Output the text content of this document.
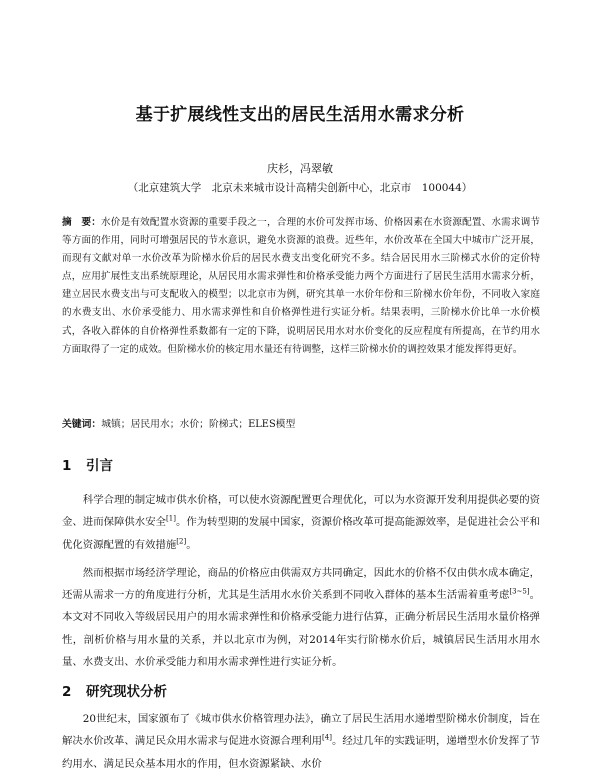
基于扩展线性支出的居民生活用水需求分析
庆杉，冯翠敏
（北京建筑大学　北京未来城市设计高精尖创新中心，北京市　100044）
摘　要：水价是有效配置水资源的重要手段之一，合理的水价可发挥市场、价格因素在水资源配置、水需求调节等方面的作用，同时可增强居民的节水意识，避免水资源的浪费。近些年，水价改革在全国大中城市广泛开展，而现有文献对单一水价改革为阶梯水价后的居民水费支出变化研究不多。结合居民用水三阶梯式水价的定价特点，应用扩展性支出系统原理论，从居民用水需求弹性和价格承受能力两个方面进行了居民生活用水需求分析，建立居民水费支出与可支配收入的模型；以北京市为例，研究其单一水价年份和三阶梯水价年份，不同收入家庭的水费支出、水价承受能力、用水需求弹性和自价格弹性进行实证分析。结果表明，三阶梯水价比单一水价模式，各收入群体的自价格弹性系数都有一定的下降，说明居民用水对水价变化的反应程度有所提高，在节约用水方面取得了一定的成效。但阶梯水价的核定用水量还有待调整，这样三阶梯水价的调控效果才能发挥得更好。
关键词：城镇；居民用水；水价；阶梯式；ELES模型
1 引言

科学合理的制定城市供水价格，可以使水资源配置更合理优化，可以为水资源开发利用提供必要的资金、进而保障供水安全[1]。作为转型期的发展中国家，资源价格改革可提高能源效率，是促进社会公平和优化资源配置的有效措施[2]。

然而根据市场经济学理论，商品的价格应由供需双方共同确定，因此水的价格不仅由供水成本确定，还需从需求一方的角度进行分析，尤其是生活用水水价关系到不同收入群体的基本生活需着重考虑[3~5]。本文对不同收入等级居民用户的用水需求弹性和价格承受能力进行估算，正确分析居民生活用水量价格弹性，剖析价格与用水量的关系，并以北京市为例，对2014年实行阶梯水价后，城镇居民生活用水用水量、水费支出、水价承受能力和用水需求弹性进行实证分析。

2 研究现状分析

20世纪末，国家颁布了《城市供水价格管理办法》，确立了居民生活用水递增型阶梯水价制度，旨在解决水价改革、满足民众用水需求与促进水资源合理利用[4]。经过几年的实践证明，递增型水价发挥了节约用水、满足民众基本用水的作用，但水资源紧缺、水价
